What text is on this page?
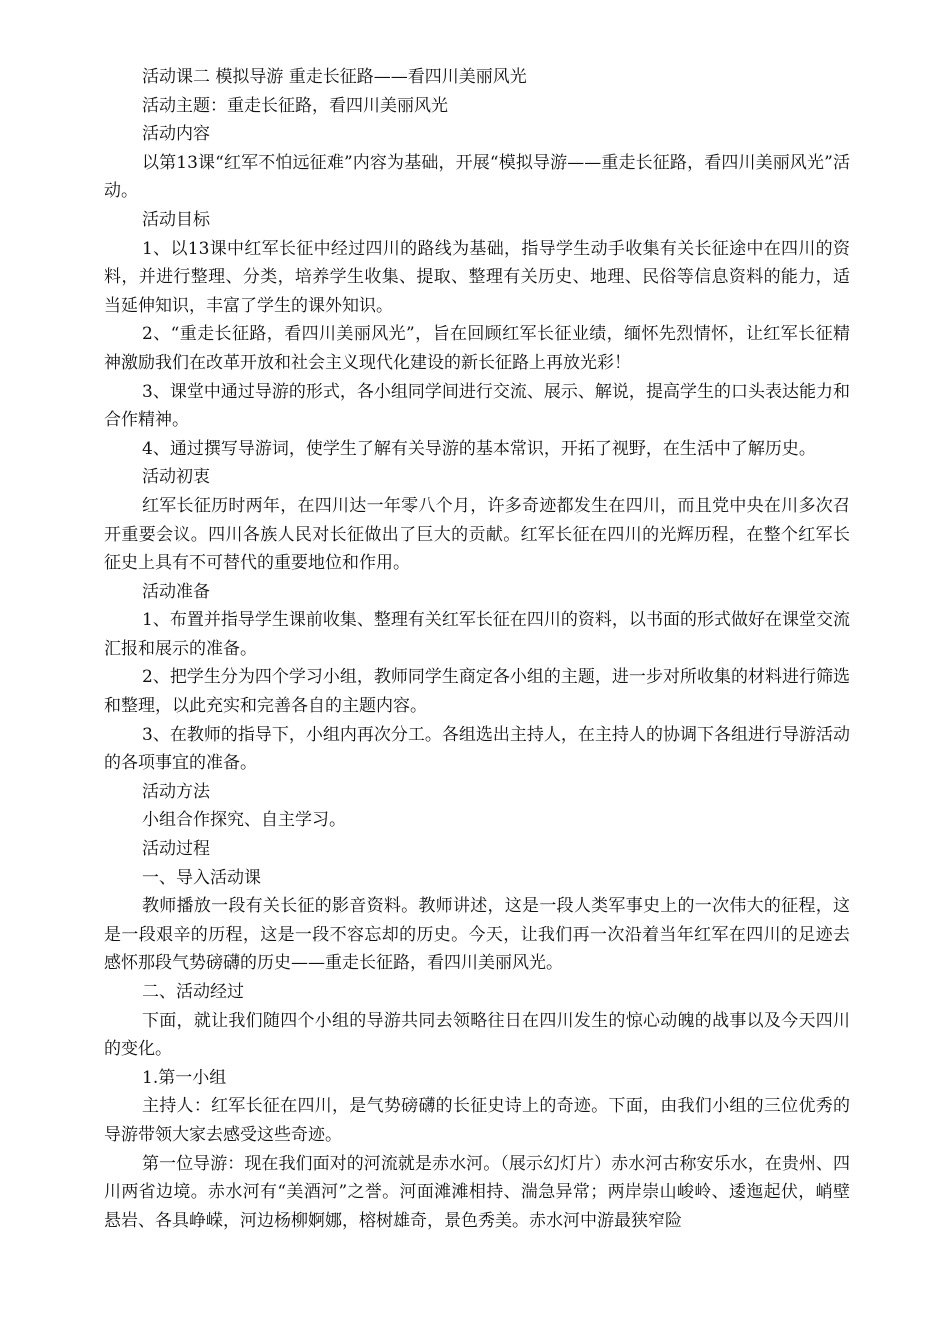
活动课二 模拟导游 重走长征路——看四川美丽风光

活动主题：重走长征路，看四川美丽风光

活动内容

以第13课“红军不怕远征难”内容为基础，开展“模拟导游——重走长征路，看四川美丽风光”活动。

活动目标

1、以13课中红军长征中经过四川的路线为基础，指导学生动手收集有关长征途中在四川的资料，并进行整理、分类，培养学生收集、提取、整理有关历史、地理、民俗等信息资料的能力，适当延伸知识，丰富了学生的课外知识。

2、“重走长征路，看四川美丽风光”，旨在回顾红军长征业绩，缅怀先烈情怀，让红军长征精神激励我们在改革开放和社会主义现代化建设的新长征路上再放光彩！

3、课堂中通过导游的形式，各小组同学间进行交流、展示、解说，提高学生的口头表达能力和合作精神。

4、通过撰写导游词，使学生了解有关导游的基本常识，开拓了视野，在生活中了解历史。

活动初衷

红军长征历时两年，在四川达一年零八个月，许多奇迹都发生在四川，而且党中央在川多次召开重要会议。四川各族人民对长征做出了巨大的贡献。红军长征在四川的光辉历程，在整个红军长征史上具有不可替代的重要地位和作用。

活动准备

1、布置并指导学生课前收集、整理有关红军长征在四川的资料，以书面的形式做好在课堂交流汇报和展示的准备。

2、把学生分为四个学习小组，教师同学生商定各小组的主题，进一步对所收集的材料进行筛选和整理，以此充实和完善各自的主题内容。

3、在教师的指导下，小组内再次分工。各组选出主持人，在主持人的协调下各组进行导游活动的各项事宜的准备。

活动方法

小组合作探究、自主学习。

活动过程

一、导入活动课

教师播放一段有关长征的影音资料。教师讲述，这是一段人类军事史上的一次伟大的征程，这是一段艰辛的历程，这是一段不容忘却的历史。今天，让我们再一次沿着当年红军在四川的足迹去感怀那段气势磅礴的历史——重走长征路，看四川美丽风光。

二、活动经过

下面，就让我们随四个小组的导游共同去领略往日在四川发生的惊心动魄的战事以及今天四川的变化。

1.第一小组

主持人：红军长征在四川，是气势磅礴的长征史诗上的奇迹。下面，由我们小组的三位优秀的导游带领大家去感受这些奇迹。

第一位导游：现在我们面对的河流就是赤水河。（展示幻灯片）赤水河古称安乐水，在贵州、四川两省边境。赤水河有“美酒河”之誉。河面滩滩相持、湍急异常；两岸崇山峻岭、逶迤起伏，峭壁悬岩、各具峥嵘，河边杨柳婀娜，榕树雄奇，景色秀美。赤水河中游最狭窄险
